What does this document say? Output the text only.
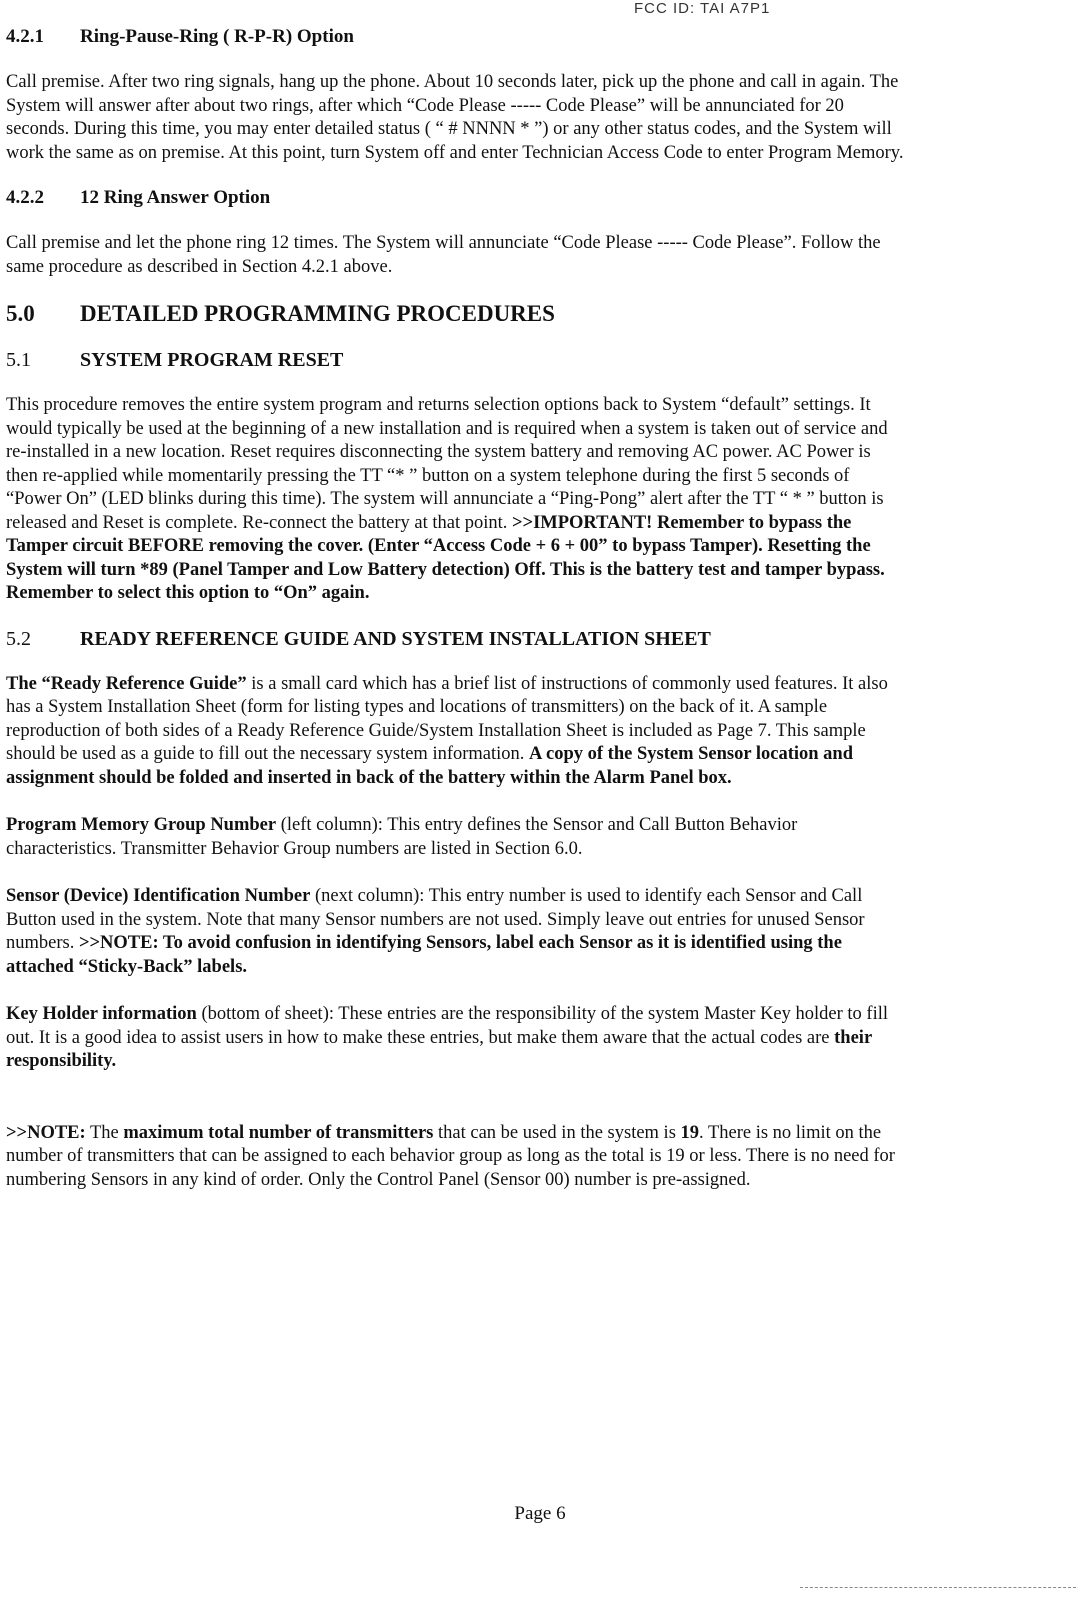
FCC ID: TAI A7P1
4.2.1	Ring-Pause-Ring ( R-P-R) Option

Call premise. After two ring signals, hang up the phone. About 10 seconds later, pick up the phone and call in again. The System will answer after about two rings, after which “Code Please ----- Code Please” will be annunciated for 20 seconds. During this time, you may enter detailed status ( “ # NNNN * ”) or any other status codes, and the System will work the same as on premise. At this point, turn System off and enter Technician Access Code to enter Program Memory.

4.2.2	12 Ring Answer Option

Call premise and let the phone ring 12 times. The System will annunciate “Code Please ----- Code Please”. Follow the same procedure as described in Section 4.2.1 above.

5.0	DETAILED PROGRAMMING PROCEDURES
5.1	SYSTEM PROGRAM RESET

This procedure removes the entire system program and returns selection options back to System “default” settings. It would typically be used at the beginning of a new installation and is required when a system is taken out of service and re-installed in a new location. Reset requires disconnecting the system battery and removing AC power. AC Power is then re-applied while momentarily pressing the TT “* ” button on a system telephone during the first 5 seconds of “Power On” (LED blinks during this time). The system will annunciate a “Ping-Pong” alert after the TT “ * ” button is released and Reset is complete. Re-connect the battery at that point. >>IMPORTANT! Remember to bypass the Tamper circuit BEFORE removing the cover. (Enter “Access Code + 6 + 00” to bypass Tamper). Resetting the System will turn *89 (Panel Tamper and Low Battery detection) Off. This is the battery test and tamper bypass. Remember to select this option to “On” again.

5.2	READY REFERENCE GUIDE AND SYSTEM INSTALLATION SHEET

The “Ready Reference Guide” is a small card which has a brief list of instructions of commonly used features. It also has a System Installation Sheet (form for listing types and locations of transmitters) on the back of it. A sample reproduction of both sides of a Ready Reference Guide/System Installation Sheet is included as Page 7. This sample should be used as a guide to fill out the necessary system information. A copy of the System Sensor location and assignment should be folded and inserted in back of the battery within the Alarm Panel box.

Program Memory Group Number (left column): This entry defines the Sensor and Call Button Behavior characteristics. Transmitter Behavior Group numbers are listed in Section 6.0.

Sensor (Device) Identification Number (next column): This entry number is used to identify each Sensor and Call Button used in the system. Note that many Sensor numbers are not used. Simply leave out entries for unused Sensor numbers. >>NOTE: To avoid confusion in identifying Sensors, label each Sensor as it is identified using the attached “Sticky-Back” labels.

Key Holder information (bottom of sheet): These entries are the responsibility of the system Master Key holder to fill out. It is a good idea to assist users in how to make these entries, but make them aware that the actual codes are their responsibility.

>>NOTE: The maximum total number of transmitters that can be used in the system is 19. There is no limit on the number of transmitters that can be assigned to each behavior group as long as the total is 19 or less. There is no need for numbering Sensors in any kind of order. Only the Control Panel (Sensor 00) number is pre-assigned.

Page 6
